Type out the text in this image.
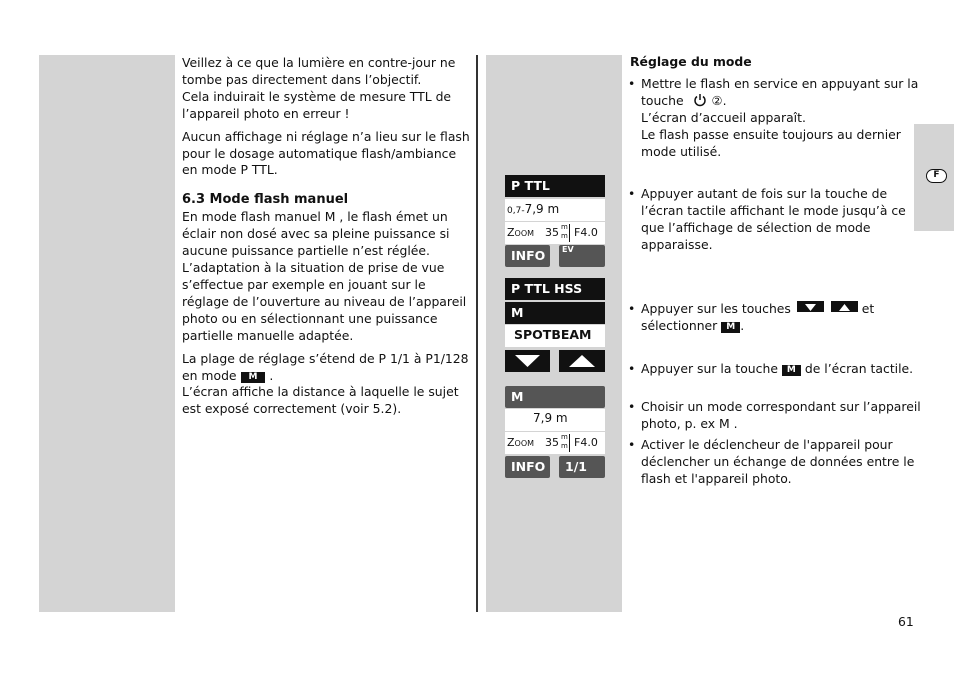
Veillez à ce que la lumière en contre-jour ne tombe pas directement dans l’objectif.
Cela induirait le système de mesure TTL de l’appareil photo en erreur !

Aucun affichage ni réglage n’a lieu sur le flash pour le dosage automatique flash/ambiance en mode P TTL.

6.3 Mode flash manuel

En mode flash manuel M , le flash émet un éclair non dosé avec sa pleine puissance si aucune puissance partielle n’est réglée. L’adaptation à la situation de prise de vue s’effectue par exemple en jouant sur le réglage de l’ouverture au niveau de l’appareil photo ou en sélectionnant une puissance partielle manuelle adaptée.

La plage de réglage s’étend de P 1/1 à P1/128 en mode M .
L’écran affiche la distance à laquelle le sujet est exposé correctement (voir 5.2).

P TTL
0,7-7,9 m
Zoom 35 m
m F4.0
INFO	EV
P TTL HSS
M
SPOTBEAM
M
7,9 m
Zoom 35 m
m F4.0
INFO	1/1
Réglage du mode
• Mettre le flash en service en appuyant sur la touche ②.
L’écran d’accueil apparaît.
Le flash passe ensuite toujours au dernier mode utilisé.
• Appuyer autant de fois sur la touche de l’écran tactile affichant le mode jusqu’à ce que l’affichage de sélection de mode apparaisse.
• Appuyer sur les touches	et
sélectionner M .
• Appuyer sur la touche M de l’écran tactile.
• Choisir un mode correspondant sur l’appareil photo, p. ex M .
• Activer le déclencheur de l'appareil pour déclencher un échange de données entre le flash et l'appareil photo.
F
61
